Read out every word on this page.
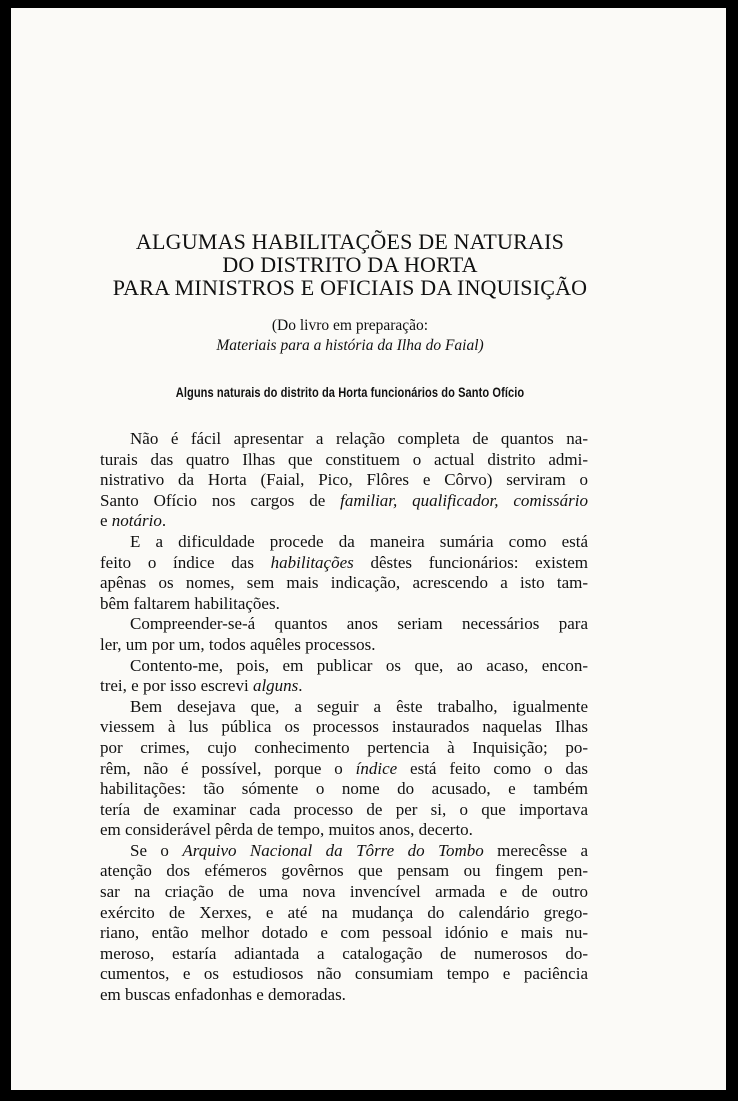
ALGUMAS HABILITAÇÕES DE NATURAIS
DO DISTRITO DA HORTA
PARA MINISTROS E OFICIAIS DA INQUISIÇÃO
(Do livro em preparação:
Materiais para a história da Ilha do Faial)
Alguns naturais do distrito da Horta funcionários do Santo Ofício
Não é fácil apresentar a relação completa de quantos na-
turais das quatro Ilhas que constituem o actual distrito admi-
nistrativo da Horta (Faial, Pico, Flôres e Côrvo) serviram o
Santo Ofício nos cargos de familiar, qualificador, comissário
e notário.
E a dificuldade procede da maneira sumária como está
feito o índice das habilitações dêstes funcionários: existem
apênas os nomes, sem mais indicação, acrescendo a isto tam-
bêm faltarem habilitações.
Compreender-se-á quantos anos seriam necessários para
ler, um por um, todos aquêles processos.
Contento-me, pois, em publicar os que, ao acaso, encon-
trei, e por isso escrevi alguns.
Bem desejava que, a seguir a êste trabalho, igualmente
viessem à lus pública os processos instaurados naquelas Ilhas
por crimes, cujo conhecimento pertencia à Inquisição; po-
rêm, não é possível, porque o índice está feito como o das
habilitações: tão sómente o nome do acusado, e também
tería de examinar cada processo de per si, o que importava
em considerável pêrda de tempo, muitos anos, decerto.
Se o Arquivo Nacional da Tôrre do Tombo merecêsse a
atenção dos efémeros govêrnos que pensam ou fingem pen-
sar na criação de uma nova invencível armada e de outro
exército de Xerxes, e até na mudança do calendário grego-
riano, então melhor dotado e com pessoal idónio e mais nu-
meroso, estaría adiantada a catalogação de numerosos do-
cumentos, e os estudiosos não consumiam tempo e paciência
em buscas enfadonhas e demoradas.
